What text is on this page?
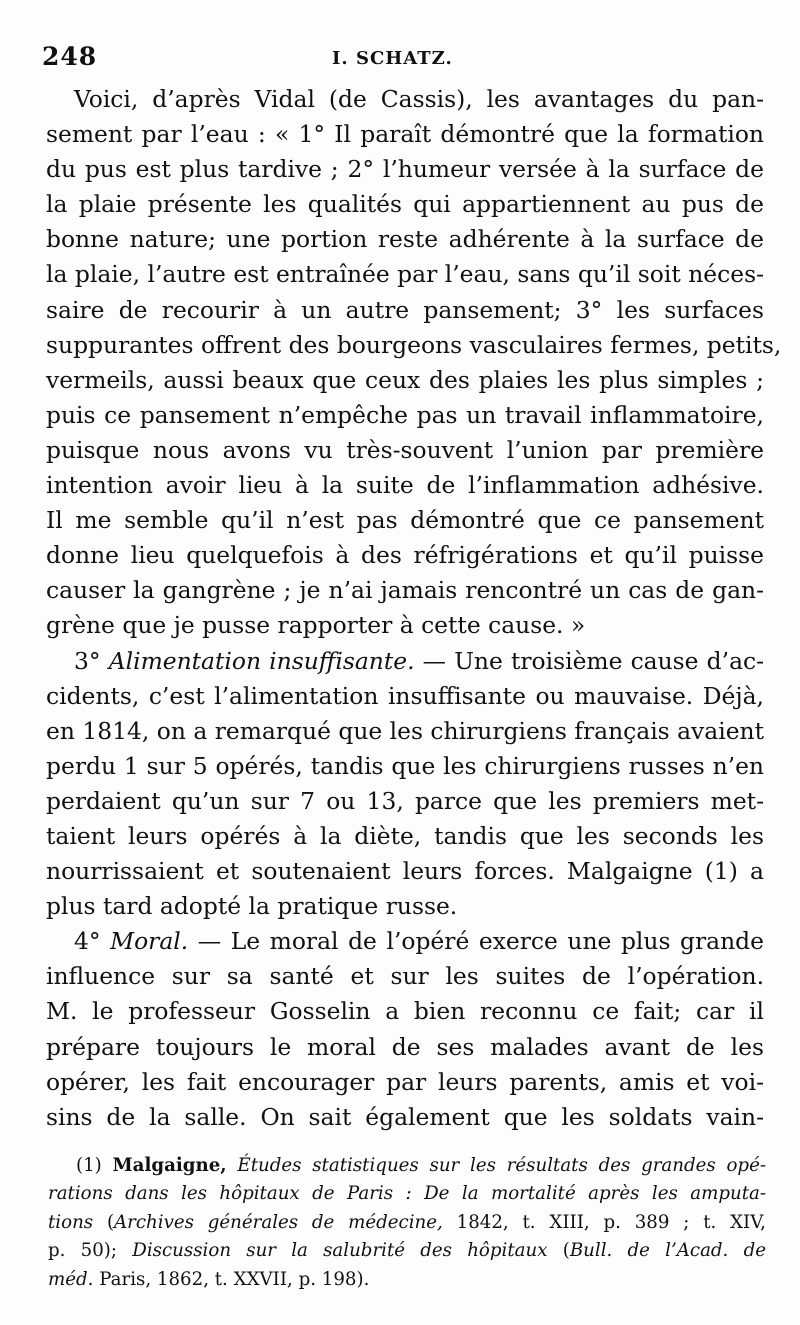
248	I. SCHATZ.
Voici, d’après Vidal (de Cassis), les avantages du pan-
sement par l’eau : « 1° Il paraît démontré que la formation
du pus est plus tardive ; 2° l’humeur versée à la surface de
la plaie présente les qualités qui appartiennent au pus de
bonne nature; une portion reste adhérente à la surface de
la plaie, l’autre est entraînée par l’eau, sans qu’il soit néces-
saire de recourir à un autre pansement; 3° les surfaces
suppurantes offrent des bourgeons vasculaires fermes, petits,
vermeils, aussi beaux que ceux des plaies les plus simples ;
puis ce pansement n’empêche pas un travail inflammatoire,
puisque nous avons vu très-souvent l’union par première
intention avoir lieu à la suite de l’inflammation adhésive.
Il me semble qu’il n’est pas démontré que ce pansement
donne lieu quelquefois à des réfrigérations et qu’il puisse
causer la gangrène ; je n’ai jamais rencontré un cas de gan-
grène que je pusse rapporter à cette cause. »
3° Alimentation insuffisante. — Une troisième cause d’ac-
cidents, c’est l’alimentation insuffisante ou mauvaise. Déjà,
en 1814, on a remarqué que les chirurgiens français avaient
perdu 1 sur 5 opérés, tandis que les chirurgiens russes n’en
perdaient qu’un sur 7 ou 13, parce que les premiers met-
taient leurs opérés à la diète, tandis que les seconds les
nourrissaient et soutenaient leurs forces. Malgaigne (1) a
plus tard adopté la pratique russe.
4° Moral. — Le moral de l’opéré exerce une plus grande
influence sur sa santé et sur les suites de l’opération.
M. le professeur Gosselin a bien reconnu ce fait; car il
prépare toujours le moral de ses malades avant de les
opérer, les fait encourager par leurs parents, amis et voi-
sins de la salle. On sait également que les soldats vain-
(1) Malgaigne, Études statistiques sur les résultats des grandes opé-
rations dans les hôpitaux de Paris : De la mortalité après les amputa-
tions (Archives générales de médecine, 1842, t. XIII, p. 389 ; t. XIV,
p. 50); Discussion sur la salubrité des hôpitaux (Bull. de l’Acad. de
méd. Paris, 1862, t. XXVII, p. 198).
